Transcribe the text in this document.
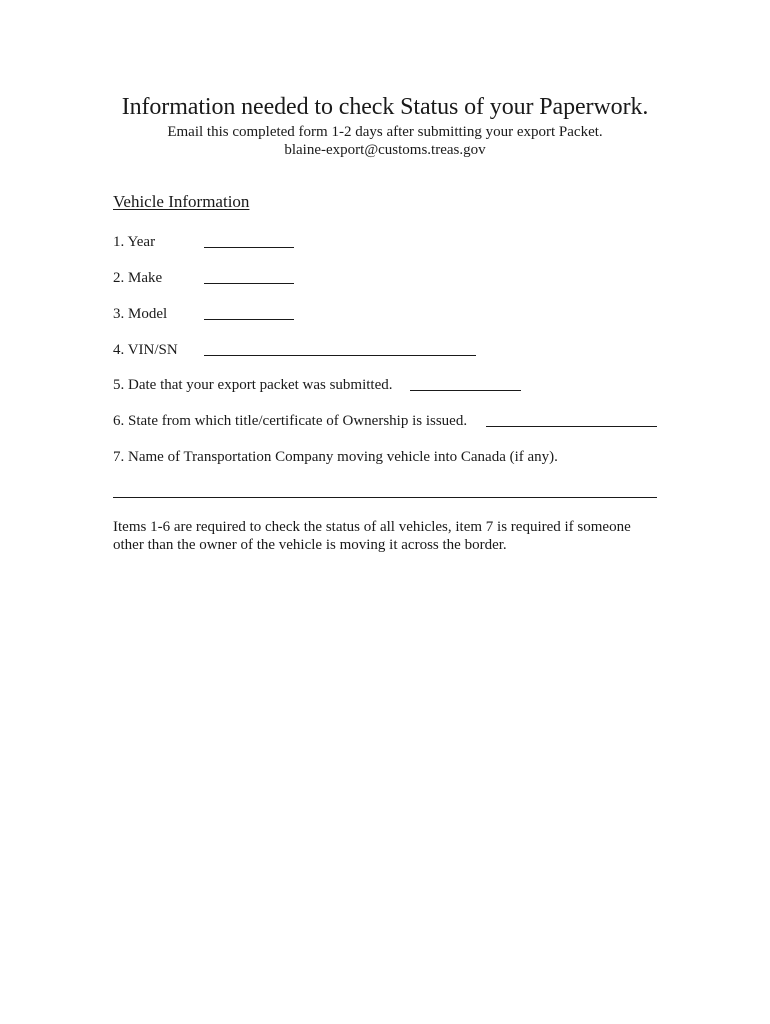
Information needed to check Status of your Paperwork.
Email this completed form 1-2 days after submitting your export Packet.
blaine-export@customs.treas.gov
Vehicle Information
1. Year
2. Make
3. Model
4. VIN/SN
5. Date that your export packet was submitted.
6. State from which title/certificate of Ownership is issued.
7. Name of Transportation Company moving vehicle into Canada (if any).
Items 1-6 are required to check the status of all vehicles, item 7 is required if someone other than the owner of the vehicle is moving it across the border.
